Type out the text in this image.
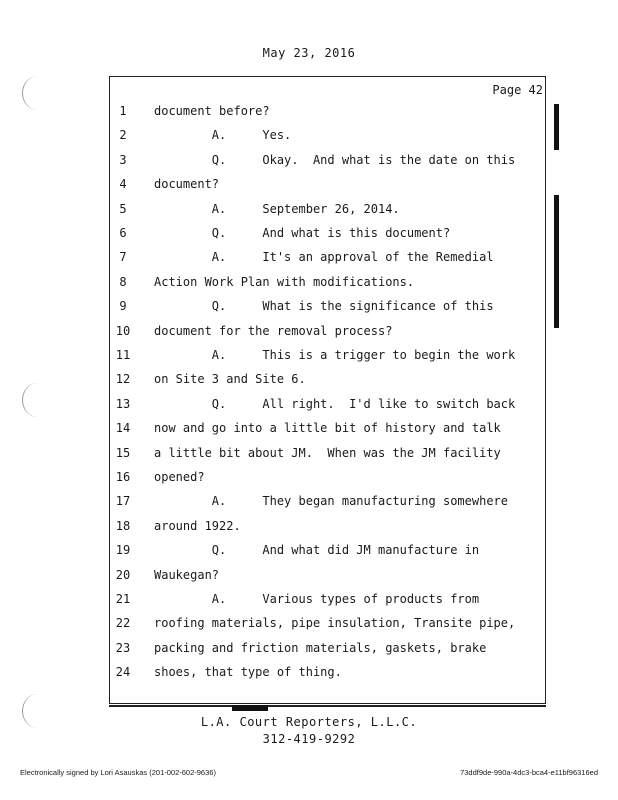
May 23, 2016
Page 42
1	document before?
2	A.     Yes.
3	Q.     Okay.  And what is the date on this
4	document?
5	A.     September 26, 2014.
6	Q.     And what is this document?
7	A.     It's an approval of the Remedial
8	Action Work Plan with modifications.
9	Q.     What is the significance of this
10	document for the removal process?
11	A.     This is a trigger to begin the work
12	on Site 3 and Site 6.
13	Q.     All right.  I'd like to switch back
14	now and go into a little bit of history and talk
15	a little bit about JM.  When was the JM facility
16	opened?
17	A.     They began manufacturing somewhere
18	around 1922.
19	Q.     And what did JM manufacture in
20	Waukegan?
21	A.     Various types of products from
22	roofing materials, pipe insulation, Transite pipe,
23	packing and friction materials, gaskets, brake
24	shoes, that type of thing.
L.A. Court Reporters, L.L.C.
312-419-9292
Electronically signed by Lori Asauskas (201-002-602-9636)	73ddf9de-990a-4dc3-bca4-e11bf96316ed
